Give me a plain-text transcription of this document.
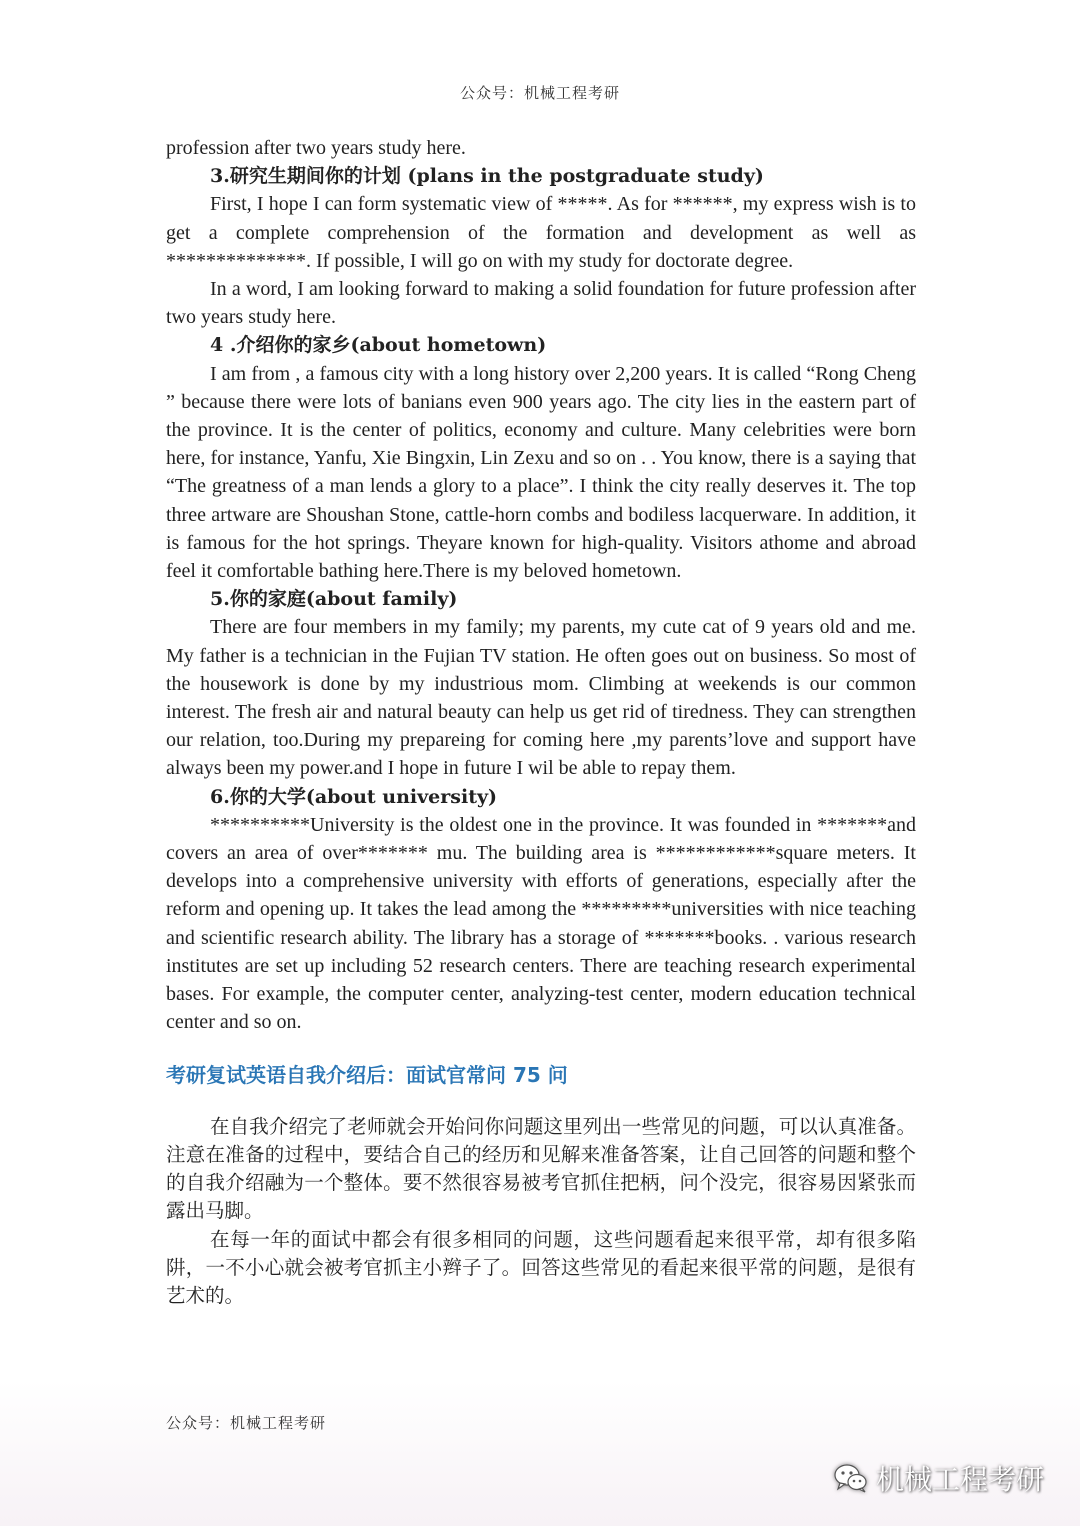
公众号：机械工程考研

profession after two years study here.

3.研究生期间你的计划 (plans in the postgraduate study)

First, I hope I can form systematic view of *****. As for ******, my express wish is to get a complete comprehension of the formation and development as well as **************. If possible, I will go on with my study for doctorate degree.

In a word, I am looking forward to making a solid foundation for future profession after two years study here.

4 .介绍你的家乡(about hometown)

I am from , a famous city with a long history over 2,200 years. It is called “Rong Cheng ” because there were lots of banians even 900 years ago. The city lies in the eastern part of the province. It is the center of politics, economy and culture. Many celebrities were born here, for instance, Yanfu, Xie Bingxin, Lin Zexu and so on . . You know, there is a saying that “The greatness of a man lends a glory to a place”. I think the city really deserves it. The top three artware are Shoushan Stone, cattle-horn combs and bodiless lacquerware. In addition, it is famous for the hot springs. Theyare known for high-quality. Visitors athome and abroad feel it comfortable bathing here.There is my beloved hometown.

5.你的家庭(about family)

There are four members in my family; my parents, my cute cat of 9 years old and me. My father is a technician in the Fujian TV station. He often goes out on business. So most of the housework is done by my industrious mom. Climbing at weekends is our common interest. The fresh air and natural beauty can help us get rid of tiredness. They can strengthen our relation, too.During my prepareing for coming here ,my parents’love and support have always been my power.and I hope in future I wil be able to repay them.

6.你的大学(about university)

**********University is the oldest one in the province. It was founded in *******and covers an area of over******* mu. The building area is ************square meters. It develops into a comprehensive university with efforts of generations, especially after the reform and opening up. It takes the lead among the *********universities with nice teaching and scientific research ability. The library has a storage of *******books. . various research institutes are set up including 52 research centers. There are teaching research experimental bases. For example, the computer center, analyzing-test center, modern education technical center and so on.

考研复试英语自我介绍后：面试官常问 75 问

在自我介绍完了老师就会开始问你问题这里列出一些常见的问题，可以认真准备。注意在准备的过程中，要结合自己的经历和见解来准备答案，让自己回答的问题和整个的自我介绍融为一个整体。要不然很容易被考官抓住把柄，问个没完，很容易因紧张而露出马脚。

在每一年的面试中都会有很多相同的问题，这些问题看起来很平常，却有很多陷阱，一不小心就会被考官抓主小辫子了。回答这些常见的看起来很平常的问题，是很有艺术的。

公众号：机械工程考研
机械工程考研
